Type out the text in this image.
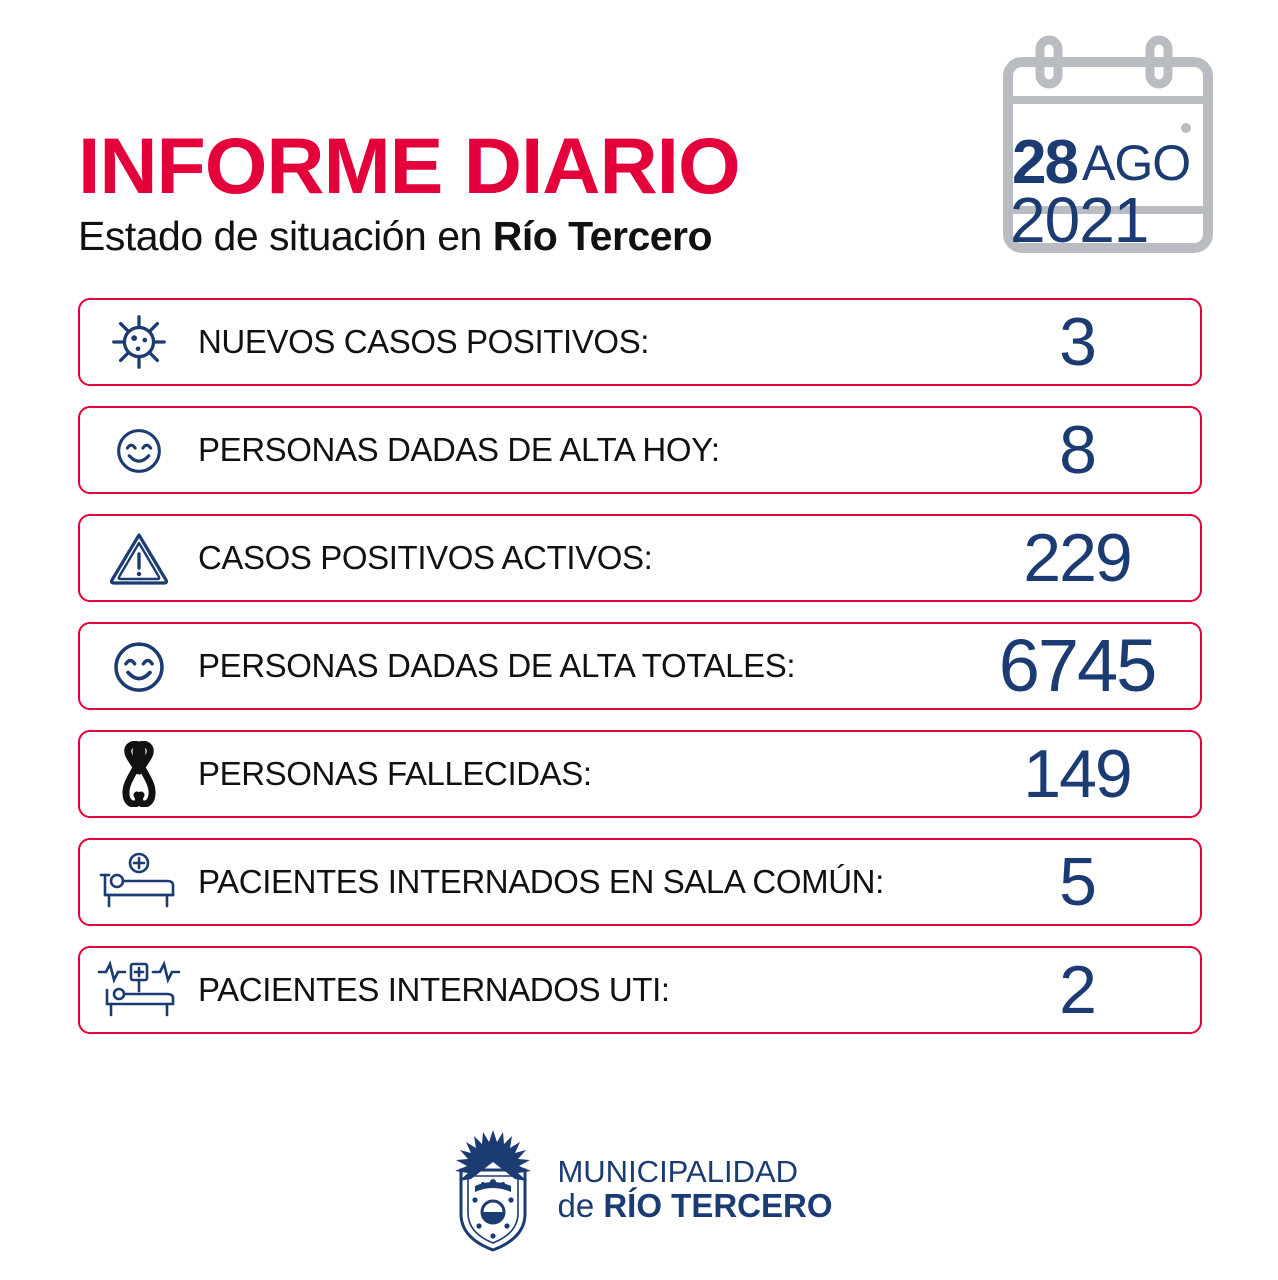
INFORME DIARIO
Estado de situación en Río Tercero
28 AGO
2021
NUEVOS CASOS POSITIVOS:	3
PERSONAS DADAS DE ALTA HOY:	8
CASOS POSITIVOS ACTIVOS:	229
PERSONAS DADAS DE ALTA TOTALES:	6745
PERSONAS FALLECIDAS:	149
PACIENTES INTERNADOS EN SALA COMÚN:	5
PACIENTES INTERNADOS UTI:	2
MUNICIPALIDAD
de RÍO TERCERO
